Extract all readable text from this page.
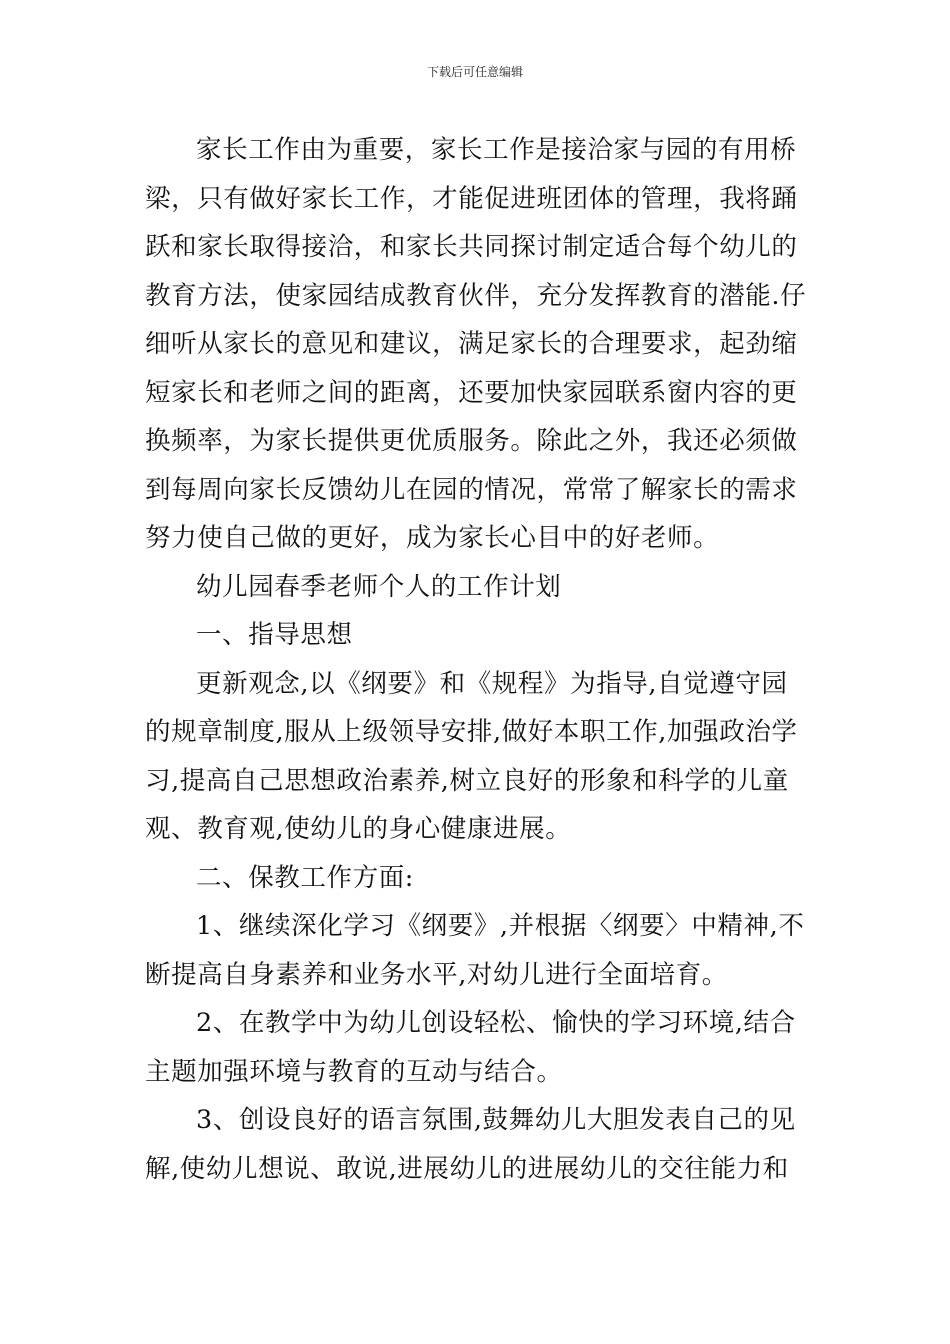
下载后可任意编辑
家长工作由为重要，家长工作是接洽家与园的有用桥
梁，只有做好家长工作，才能促进班团体的管理，我将踊
跃和家长取得接洽，和家长共同探讨制定适合每个幼儿的
教育方法，使家园结成教育伙伴，充分发挥教育的潜能.仔
细听从家长的意见和建议，满足家长的合理要求，起劲缩
短家长和老师之间的距离，还要加快家园联系窗内容的更
换频率，为家长提供更优质服务。除此之外，我还必须做
到每周向家长反馈幼儿在园的情况，常常了解家长的需求
努力使自己做的更好，成为家长心目中的好老师。
幼儿园春季老师个人的工作计划
一、指导思想
更新观念,以《纲要》和《规程》为指导,自觉遵守园
的规章制度,服从上级领导安排,做好本职工作,加强政治学
习,提高自己思想政治素养,树立良好的形象和科学的儿童
观、教育观,使幼儿的身心健康进展。
二、保教工作方面:
1、继续深化学习《纲要》,并根据〈纲要〉中精神,不
断提高自身素养和业务水平,对幼儿进行全面培育。
2、在教学中为幼儿创设轻松、愉快的学习环境,结合
主题加强环境与教育的互动与结合。
3、创设良好的语言氛围,鼓舞幼儿大胆发表自己的见
解,使幼儿想说、敢说,进展幼儿的进展幼儿的交往能力和
